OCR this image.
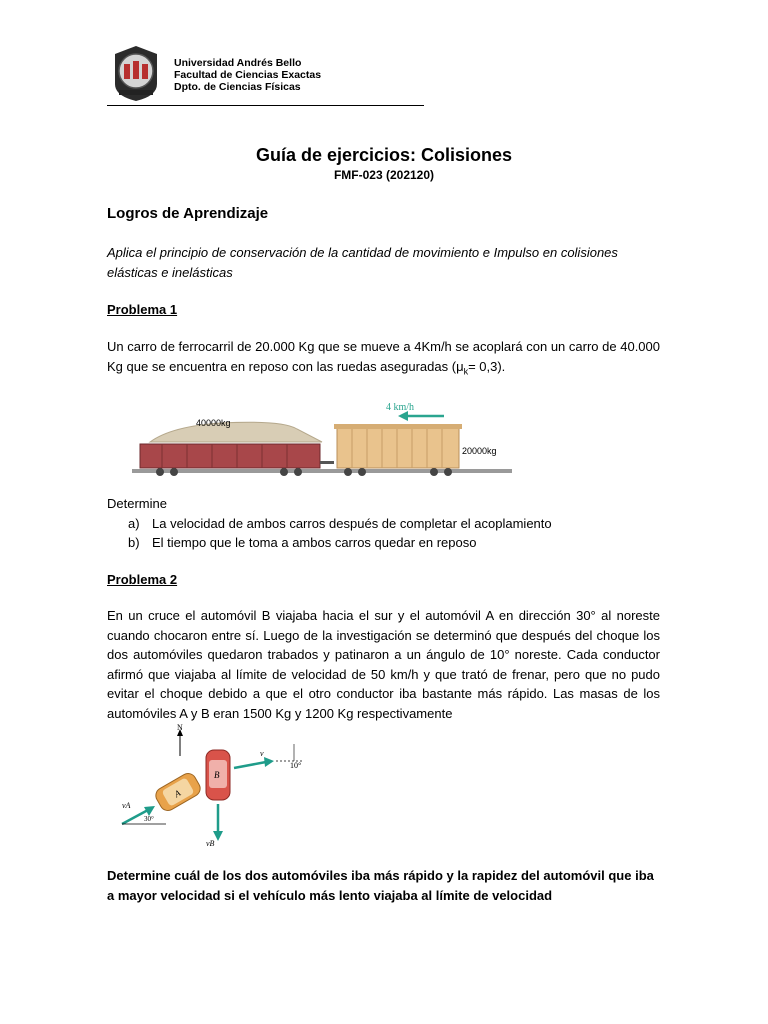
Universidad Andrés Bello
Facultad de Ciencias Exactas
Dpto. de Ciencias Físicas
Guía de ejercicios: Colisiones
FMF-023 (202120)
Logros de Aprendizaje
Aplica el principio de conservación de la cantidad de movimiento e Impulso en colisiones elásticas e inelásticas
Problema 1
Un carro de ferrocarril de 20.000 Kg que se mueve a 4Km/h se acoplará con un carro de 40.000 Kg que se encuentra en reposo con las ruedas aseguradas $(\mu_k= 0,3)$.
4 km/h
40000kg
20000kg
Determine
a) La velocidad de ambos carros después de completar el acoplamiento
b) El tiempo que le toma a ambos carros quedar en reposo
Problema 2
En un cruce el automóvil B viajaba hacia el sur y el automóvil A en dirección 30° al noreste cuando chocaron entre sí. Luego de la investigación se determinó que después del choque los dos automóviles quedaron trabados y patinaron a un ángulo de 10° noreste. Cada conductor afirmó que viajaba al límite de velocidad de 50 km/h y que trató de frenar, pero que no pudo evitar el choque debido a que el otro conductor iba bastante más rápido. Las masas de los automóviles A y B eran 1500 Kg y 1200 Kg respectivamente
N
A
B
v
10°
vA
30°
vB
Determine cuál de los dos automóviles iba más rápido y la rapidez del automóvil que iba a mayor velocidad si el vehículo más lento viajaba al límite de velocidad
